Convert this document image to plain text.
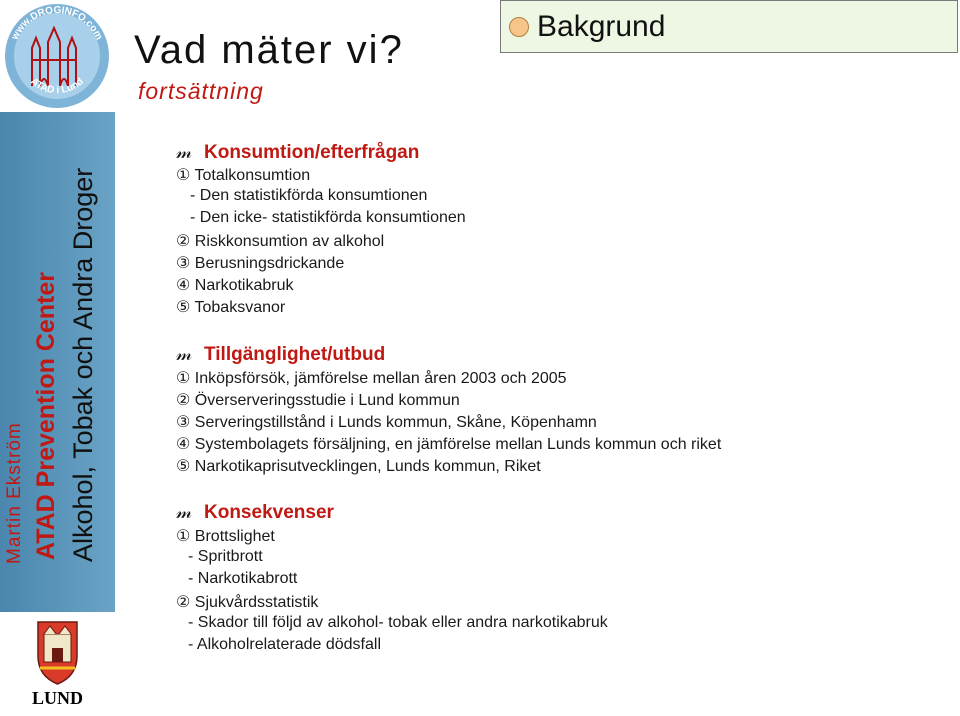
www.DROGINFO.com
ATAD i Lund
Martin Ekström ATAD Prevention Center Alkohol, Tobak och Andra Droger
LUND
Vad mäter vi?
fortsättning
Bakgrund
𝓂 Konsumtion/efterfrågan
① Totalkonsumtion
- Den statistikförda konsumtionen
- Den icke- statistikförda konsumtionen
② Riskkonsumtion av alkohol
③ Berusningsdrickande
④ Narkotikabruk
⑤ Tobaksvanor
𝓂 Tillgänglighet/utbud
① Inköpsförsök, jämförelse mellan åren 2003 och 2005
② Överserveringsstudie i Lund kommun
③ Serveringstillstånd i Lunds kommun, Skåne, Köpenhamn
④ Systembolagets försäljning, en jämförelse mellan Lunds kommun och riket
⑤ Narkotikaprisutvecklingen, Lunds kommun, Riket
𝓂 Konsekvenser
① Brottslighet
- Spritbrott
- Narkotikabrott
② Sjukvårdsstatistik
- Skador till följd av alkohol- tobak eller andra narkotikabruk
- Alkoholrelaterade dödsfall
